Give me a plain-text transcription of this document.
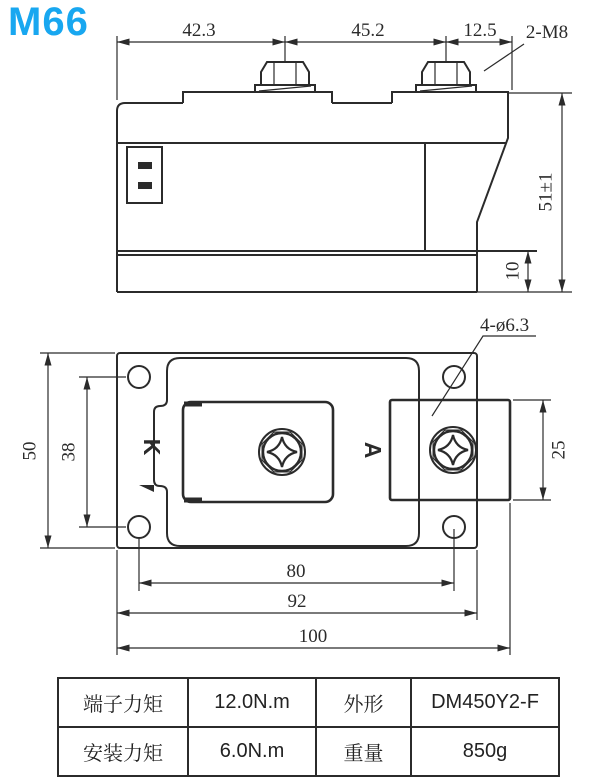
M66	42.3	45.2	12.5 2-M8
10
51±1
K	A
4-ø6.3
50 38	25
80
92
100
端子力矩	12.0N.m	外形	DM450Y2-F
安装力矩	6.0N.m	重量	850g
